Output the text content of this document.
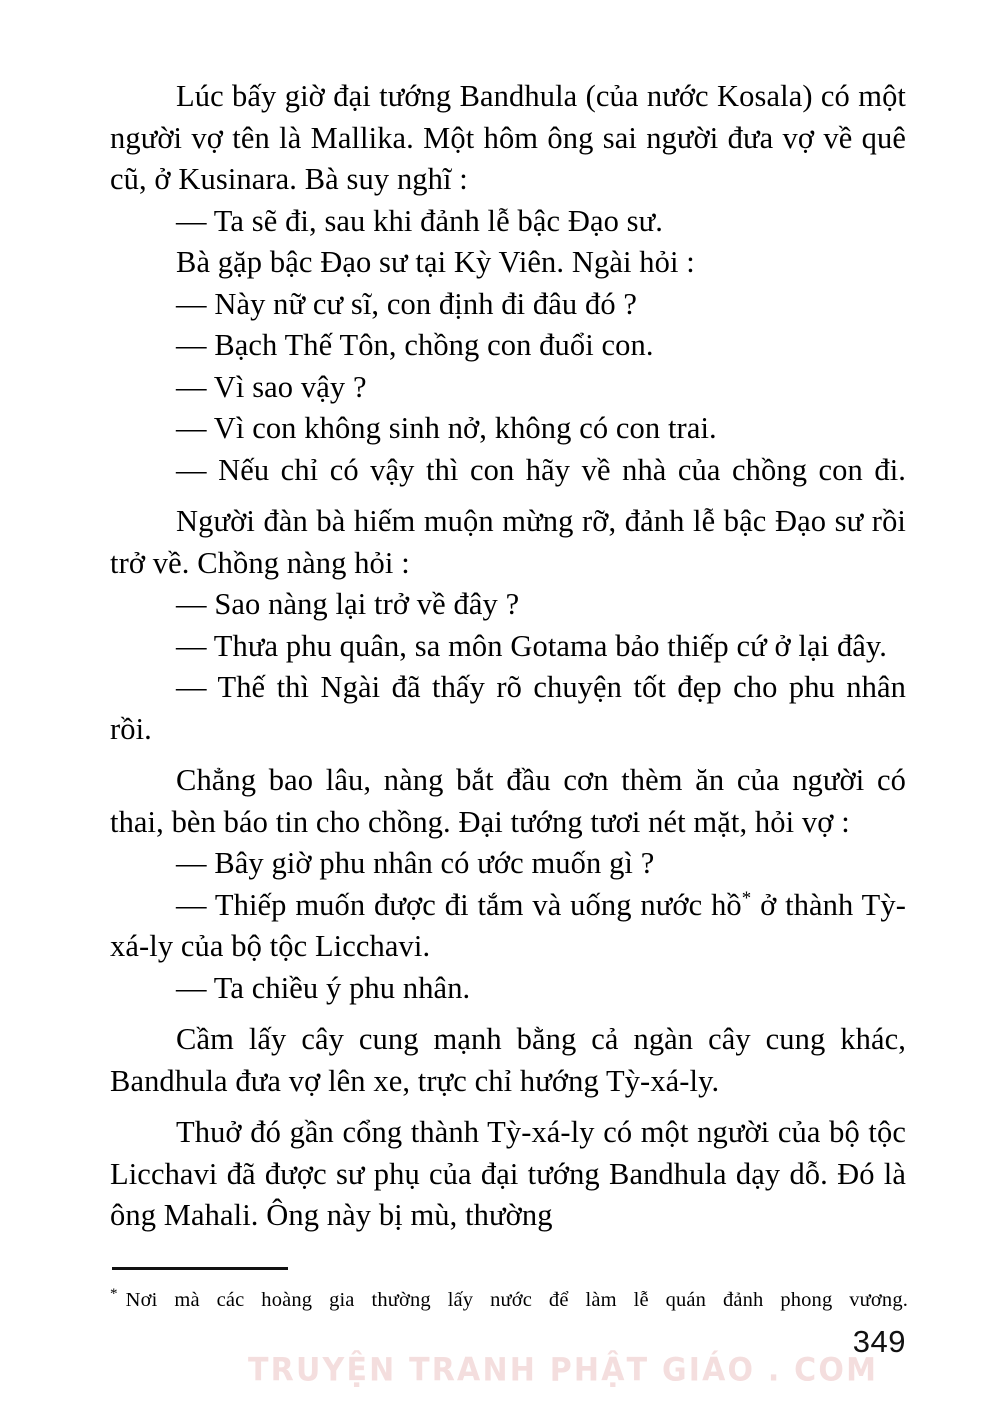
Lúc bấy giờ đại tướng Bandhula (của nước Kosala) có một người vợ tên là Mallika. Một hôm ông sai người đưa vợ về quê cũ, ở Kusinara. Bà suy nghĩ :

— Ta sẽ đi, sau khi đảnh lễ bậc Đạo sư.

Bà gặp bậc Đạo sư tại Kỳ Viên. Ngài hỏi :

— Này nữ cư sĩ, con định đi đâu đó ?

— Bạch Thế Tôn, chồng con đuổi con.

— Vì sao vậy ?

— Vì con không sinh nở, không có con trai.

— Nếu chỉ có vậy thì con hãy về nhà của chồng con đi.

Người đàn bà hiếm muộn mừng rỡ, đảnh lễ bậc Đạo sư rồi trở về. Chồng nàng hỏi :

— Sao nàng lại trở về đây ?

— Thưa phu quân, sa môn Gotama bảo thiếp cứ ở lại đây.

— Thế thì Ngài đã thấy rõ chuyện tốt đẹp cho phu nhân rồi.

Chẳng bao lâu, nàng bắt đầu cơn thèm ăn của người có thai, bèn báo tin cho chồng. Đại tướng tươi nét mặt, hỏi vợ :

— Bây giờ phu nhân có ước muốn gì ?

— Thiếp muốn được đi tắm và uống nước hồ* ở thành Tỳ-xá-ly của bộ tộc Licchavi.

— Ta chiều ý phu nhân.

Cầm lấy cây cung mạnh bằng cả ngàn cây cung khác, Bandhula đưa vợ lên xe, trực chỉ hướng Tỳ-xá-ly.

Thuở đó gần cổng thành Tỳ-xá-ly có một người của bộ tộc Licchavi đã được sư phụ của đại tướng Bandhula dạy dỗ. Đó là ông Mahali. Ông này bị mù, thường

* Nơi mà các hoàng gia thường lấy nước để làm lễ quán đảnh phong vương.
349
TRUYỆN TRANH PHẬT GIÁO . COM
